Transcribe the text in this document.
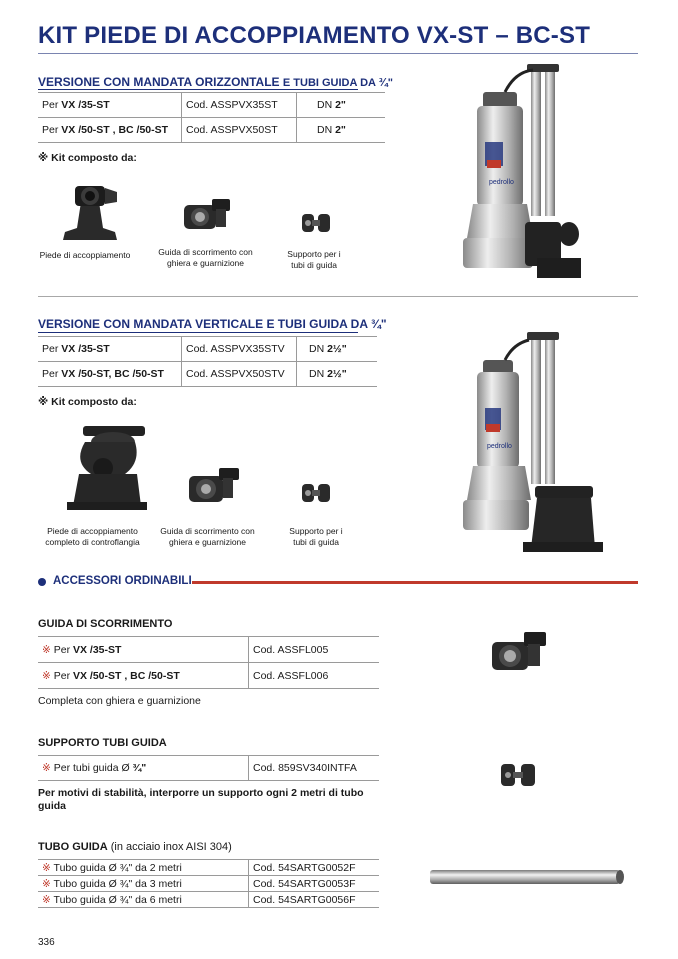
KIT PIEDE DI ACCOPPIAMENTO VX-ST – BC-ST
VERSIONE CON MANDATA ORIZZONTALE E TUBI GUIDA DA ¾"
Per VX /35-ST	Cod. ASSPVX35ST	DN 2"
Per VX /50-ST , BC /50-ST	Cod. ASSPVX50ST	DN 2"
※ Kit composto da:
Piede di accoppiamento	Guida di scorrimento con
ghiera e guarnizione
Supporto per i
tubi di guida
pedrollo
VERSIONE CON MANDATA VERTICALE E TUBI GUIDA DA ¾"
Per VX /35-ST	Cod. ASSPVX35STV	DN 2½"
Per VX /50-ST, BC /50-ST	Cod. ASSPVX50STV	DN 2½"
※ Kit composto da:
Piede di accoppiamento
completo di controflangia
Guida di scorrimento con
ghiera e guarnizione
Supporto per i
tubi di guida
pedrollo
ACCESSORI ORDINABILI
GUIDA DI SCORRIMENTO
※ Per VX /35-ST	Cod. ASSFL005
※ Per VX /50-ST , BC /50-ST	Cod. ASSFL006
Completa con ghiera e guarnizione
SUPPORTO TUBI GUIDA
※ Per tubi guida Ø ¾"	Cod. 859SV340INTFA
Per motivi di stabilità, interporre un supporto ogni 2 metri di tubo guida
TUBO GUIDA (in acciaio inox AISI 304)
※ Tubo guida Ø ¾" da 2 metri	Cod. 54SARTG0052F
※ Tubo guida Ø ¾" da 3 metri	Cod. 54SARTG0053F
※ Tubo guida Ø ¾" da 6 metri	Cod. 54SARTG0056F
336
